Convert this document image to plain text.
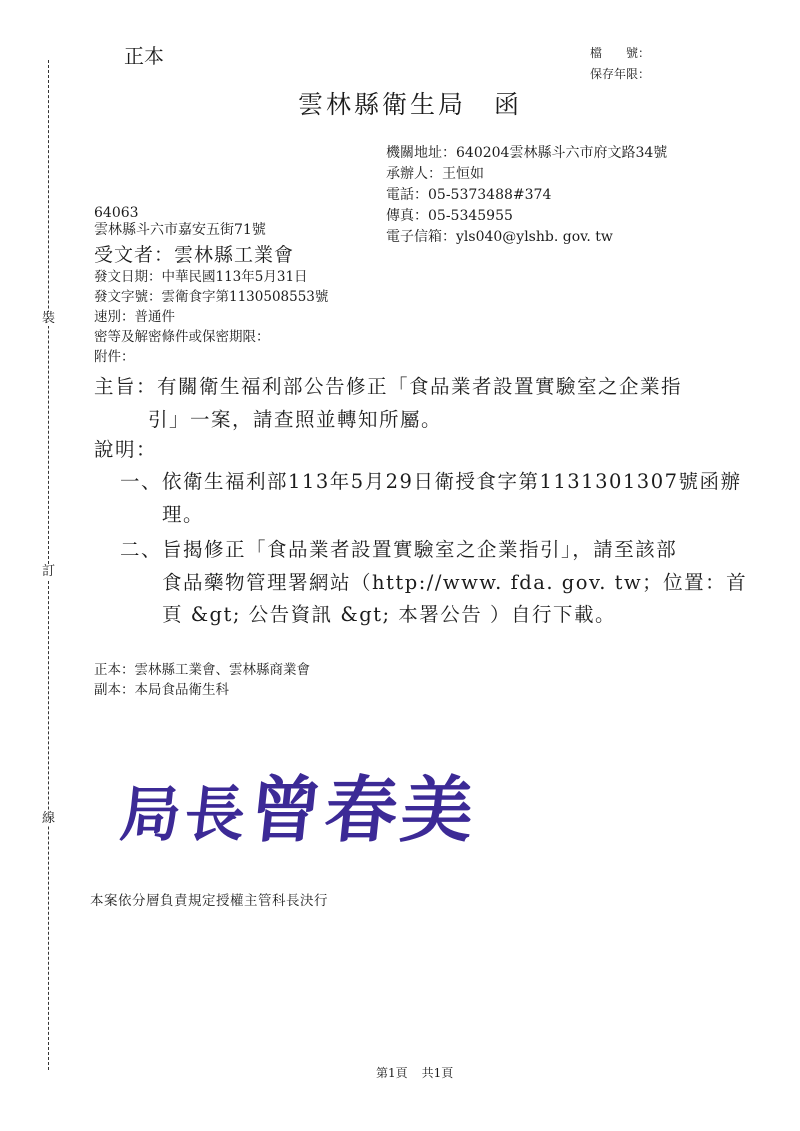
裝
訂
線
正本	檔　　號：
保存年限：
雲林縣衛生局 函
機關地址：640204雲林縣斗六市府文路34號
承辦人：王恒如
電話：05-5373488#374
傳真：05-5345955
電子信箱：yls040@ylshb. gov. tw
64063
雲林縣斗六市嘉安五街71號
受文者：雲林縣工業會
發文日期：中華民國113年5月31日
發文字號：雲衛食字第1130508553號
速別：普通件
密等及解密條件或保密期限：
附件：
主旨：有關衛生福利部公告修正「食品業者設置實驗室之企業指
引」一案，請查照並轉知所屬。
說明：
一、依衛生福利部113年5月29日衛授食字第1131301307號函辦
理。
二、旨揭修正「食品業者設置實驗室之企業指引」，請至該部
食品藥物管理署網站（http://www. fda. gov. tw；位置：首
頁 &gt; 公告資訊 &gt; 本署公告 ）自行下載。
正本：雲林縣工業會、雲林縣商業會
副本：本局食品衛生科
局長曾春美
本案依分層負責規定授權主管科長決行
第1頁 共1頁
